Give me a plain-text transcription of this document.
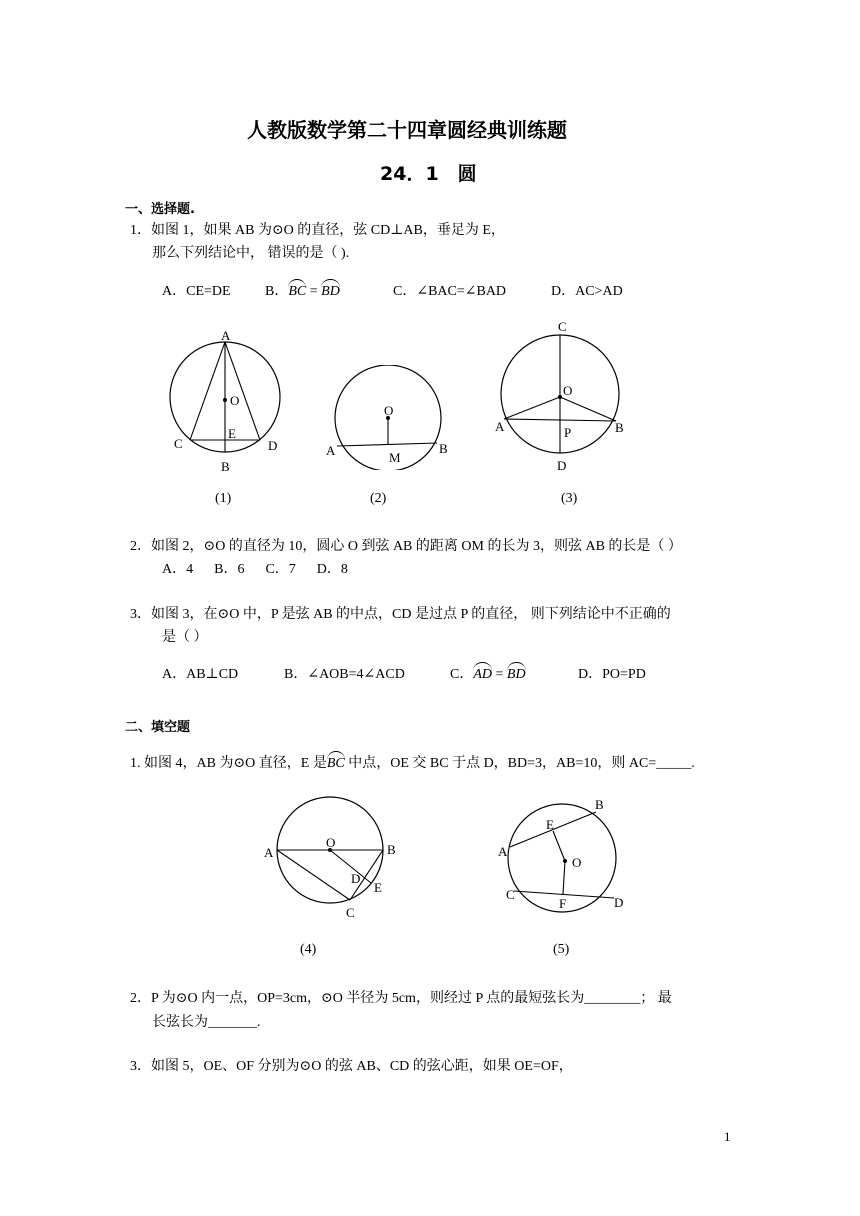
人教版数学第二十四章圆经典训练题
24．1　圆
一、选择题.
1．如图 1，如果 AB 为⊙O 的直径，弦 CD⊥AB，垂足为 E，
那么下列结论中， 错误的是（ ).
A．CE=DE B．BC = BD	C．∠BAC=∠BAD	D．AC>AD
A
O
C
E
D
B
(1)
O
A	M
B
(2)
C
O
A	P	B
D
(3)
2．如图 2，⊙O 的直径为 10，圆心 O 到弦 AB 的距离 OM 的长为 3，则弦 AB 的长是（ ）
A．4      B．6      C．7      D．8
3．如图 3，在⊙O 中，P 是弦 AB 的中点，CD 是过点 P 的直径， 则下列结论中不正确的
是（ ）
A．AB⊥CD	B．∠AOB=4∠ACD	C．AD = BD	D．PO=PD
二、填空题
1. 如图 4，AB 为⊙O 直径，E 是BC 中点，OE 交 BC 于点 D，BD=3，AB=10，则 AC=_____.
A
O	B
D
E
C
(4)
B
E
A
O
C
F	D
(5)
2．P 为⊙O 内一点，OP=3cm，⊙O 半径为 5cm，则经过 P 点的最短弦长为________； 最
长弦长为_______.
3．如图 5，OE、OF 分别为⊙O 的弦 AB、CD 的弦心距，如果 OE=OF，
1
